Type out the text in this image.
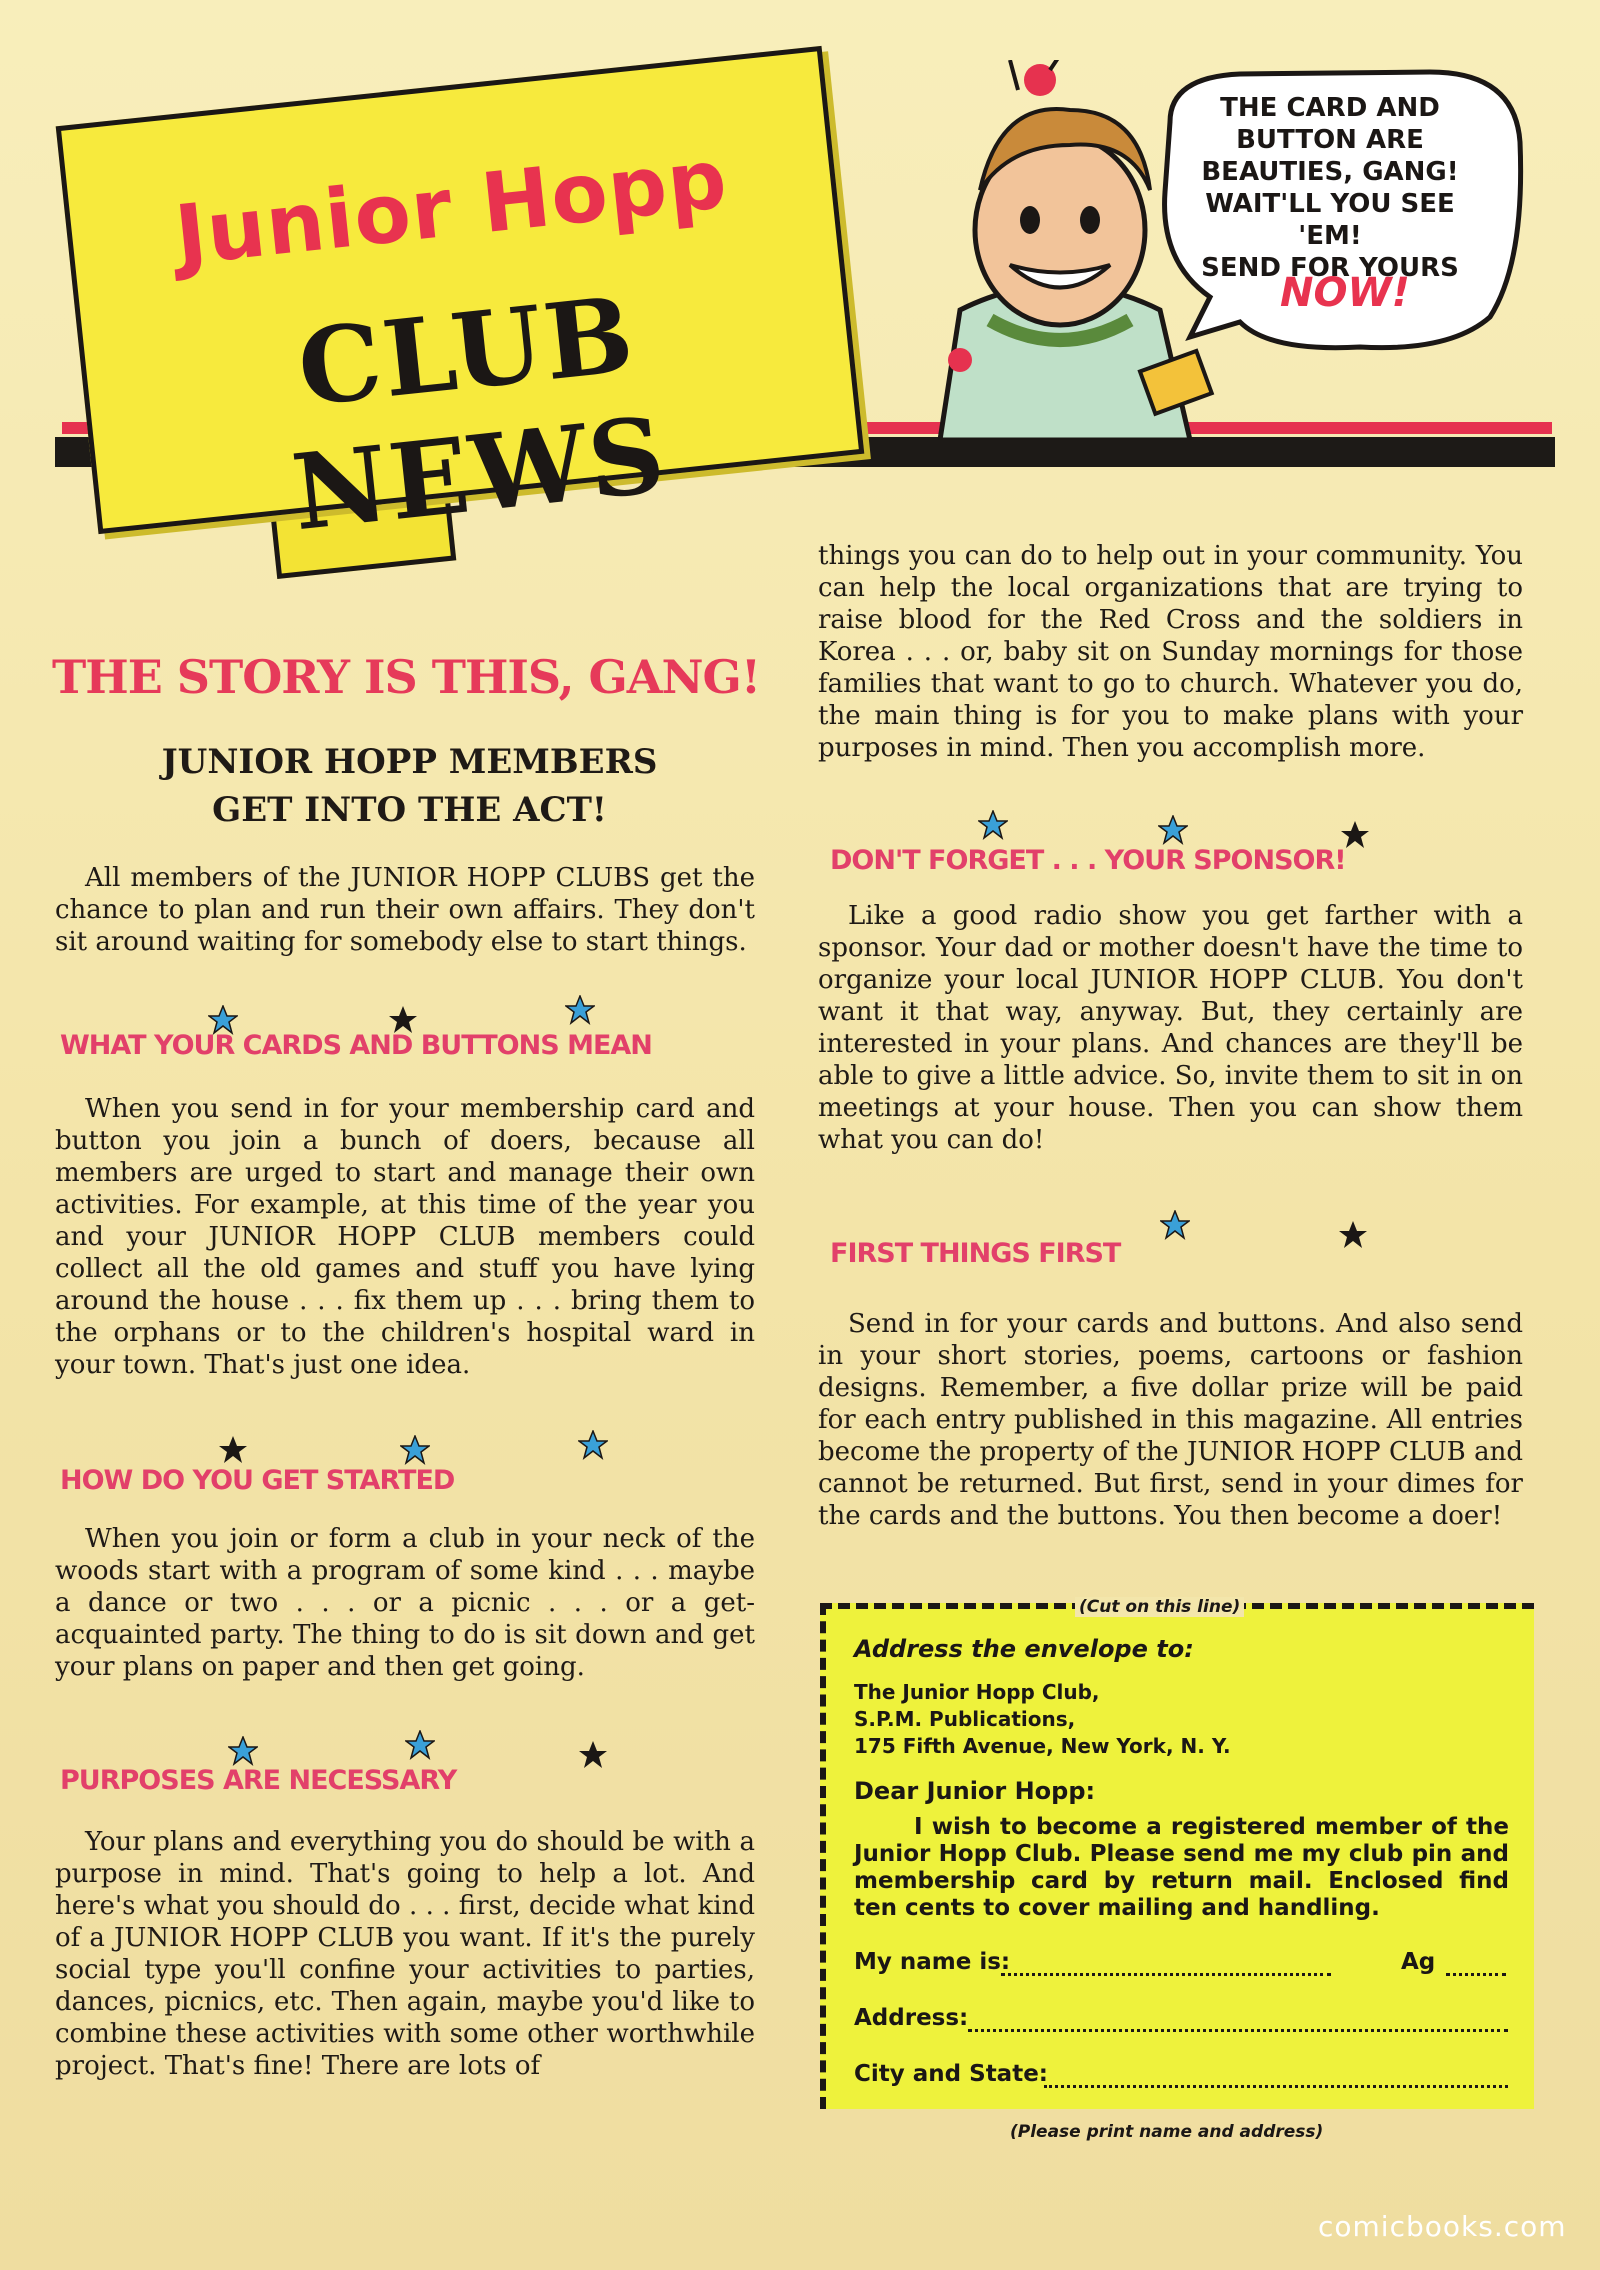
Junior Hopp
CLUB NEWS
THE CARD AND
BUTTON ARE
BEAUTIES, GANG!
WAIT'LL YOU SEE 'EM!
SEND FOR YOURS
NOW!
THE STORY IS THIS, GANG!
JUNIOR HOPP MEMBERS
GET INTO THE ACT!

All members of the JUNIOR HOPP CLUBS get the chance to plan and run their own affairs. They don't sit around waiting for somebody else to start things.

WHAT YOUR CARDS AND BUTTONS MEAN

When you send in for your membership card and button you join a bunch of doers, because all members are urged to start and manage their own activities. For example, at this time of the year you and your JUNIOR HOPP CLUB members could collect all the old games and stuff you have lying around the house . . . fix them up . . . bring them to the orphans or to the children's hospital ward in your town. That's just one idea.

HOW DO YOU GET STARTED

When you join or form a club in your neck of the woods start with a program of some kind . . . maybe a dance or two . . . or a picnic . . . or a get-acquainted party. The thing to do is sit down and get your plans on paper and then get going.

PURPOSES ARE NECESSARY

Your plans and everything you do should be with a purpose in mind. That's going to help a lot. And here's what you should do . . . first, decide what kind of a JUNIOR HOPP CLUB you want. If it's the purely social type you'll confine your activities to parties, dances, picnics, etc. Then again, maybe you'd like to combine these activities with some other worthwhile project. That's fine! There are lots of

things you can do to help out in your community. You can help the local organizations that are trying to raise blood for the Red Cross and the soldiers in Korea . . . or, baby sit on Sunday mornings for those families that want to go to church. Whatever you do, the main thing is for you to make plans with your purposes in mind. Then you accomplish more.

DON'T FORGET . . . YOUR SPONSOR!

Like a good radio show you get farther with a sponsor. Your dad or mother doesn't have the time to organize your local JUNIOR HOPP CLUB. You don't want it that way, anyway. But, they certainly are interested in your plans. And chances are they'll be able to give a little advice. So, invite them to sit in on meetings at your house. Then you can show them what you can do!

FIRST THINGS FIRST

Send in for your cards and buttons. And also send in your short stories, poems, cartoons or fashion designs. Remember, a five dollar prize will be paid for each entry published in this magazine. All entries become the property of the JUNIOR HOPP CLUB and cannot be returned. But first, send in your dimes for the cards and the buttons. You then become a doer!

Address the envelope to:
The Junior Hopp Club,
S.P.M. Publications,
175 Fifth Avenue, New York, N. Y.
Dear Junior Hopp:
I wish to become a registered member of the Junior Hopp Club. Please send me my club pin and membership card by return mail. Enclosed find ten cents to cover mailing and handling.
My name is:	Ag
Address:
City and State:
(Cut on this line)
(Please print name and address)
comicbooks.com
